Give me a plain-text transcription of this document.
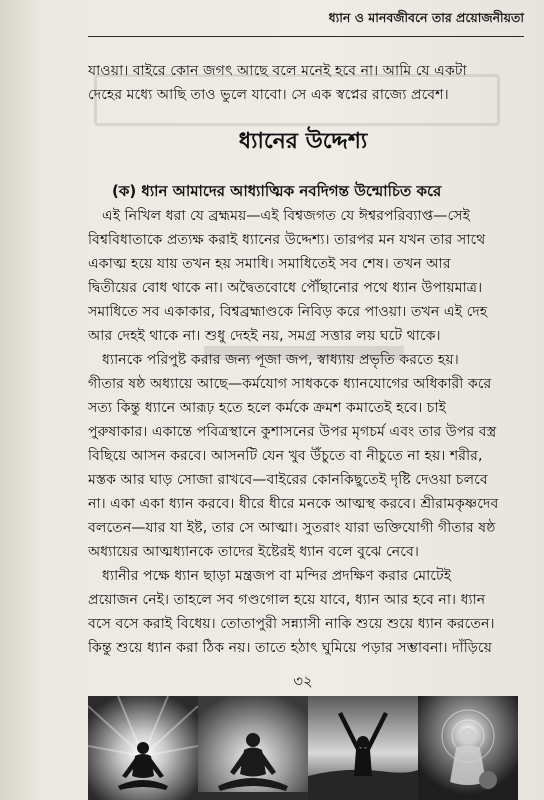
ধ্যান ও মানবজীবনে তার প্রয়োজনীয়তা
যাওয়া। বাইরে কোন জগৎ আছে বলে মনেই হবে না। আমি যে একটা
দেহের মধ্যে আছি তাও ভুলে যাবো। সে এক স্বপ্নের রাজ্যে প্রবেশ।
ধ্যানের উদ্দেশ্য
(ক) ধ্যান আমাদের আধ্যাত্মিক নবদিগন্ত উন্মোচিত করে
এই নিখিল ধরা যে ব্রহ্মময়—এই বিশ্বজগত যে ঈশ্বরপরিব্যাপ্ত—সেই
বিশ্ববিধাতাকে প্রত্যক্ষ করাই ধ্যানের উদ্দেশ্য। তারপর মন যখন তার সাথে
একাত্ম হয়ে যায় তখন হয় সমাধি। সমাধিতেই সব শেষ। তখন আর
দ্বিতীয়ের বোধ থাকে না। অদ্বৈতবোধে পৌঁছানোর পথে ধ্যান উপায়মাত্র।
সমাধিতে সব একাকার, বিশ্বব্রহ্মাণ্ডকে নিবিড় করে পাওয়া। তখন এই দেহ
আর দেহই থাকে না। শুধু দেহই নয়, সমগ্র সত্তার লয় ঘটে থাকে।
ধ্যানকে পরিপুষ্ট করার জন্য পূজা জপ, স্বাধ্যায় প্রভৃতি করতে হয়।
গীতার ষষ্ঠ অধ্যায়ে আছে—কর্মযোগ সাধককে ধ্যানযোগের অধিকারী করে
সত্য কিন্তু ধ্যানে আরূঢ় হতে হলে কর্মকে ক্রমশ কমাতেই হবে। চাই
পুরুষাকার। একান্তে পবিত্রস্থানে কুশাসনের উপর মৃগচর্ম এবং তার উপর বস্ত্র
বিছিয়ে আসন করবে। আসনটি যেন খুব উঁচুতে বা নীচুতে না হয়। শরীর,
মস্তক আর ঘাড় সোজা রাখবে—বাইরের কোনকিছুতেই দৃষ্টি দেওয়া চলবে
না। একা একা ধ্যান করবে। ধীরে ধীরে মনকে আত্মস্থ করবে। শ্রীরামকৃষ্ণদেব
বলতেন—যার যা ইষ্ট, তার সে আত্মা। সুতরাং যারা ভক্তিযোগী গীতার ষষ্ঠ
অধ্যায়ের আত্মধ্যানকে তাদের ইষ্টেরই ধ্যান বলে বুঝে নেবে।
ধ্যানীর পক্ষে ধ্যান ছাড়া মন্ত্রজপ বা মন্দির প্রদক্ষিণ করার মোটেই
প্রয়োজন নেই। তাহলে সব গণ্ডগোল হয়ে যাবে, ধ্যান আর হবে না। ধ্যান
বসে বসে করাই বিধেয়। তোতাপুরী সন্ন্যাসী নাকি শুয়ে শুয়ে ধ্যান করতেন।
কিন্তু শুয়ে ধ্যান করা ঠিক নয়। তাতে হঠাৎ ঘুমিয়ে পড়ার সম্ভাবনা। দাঁড়িয়ে
৩২
